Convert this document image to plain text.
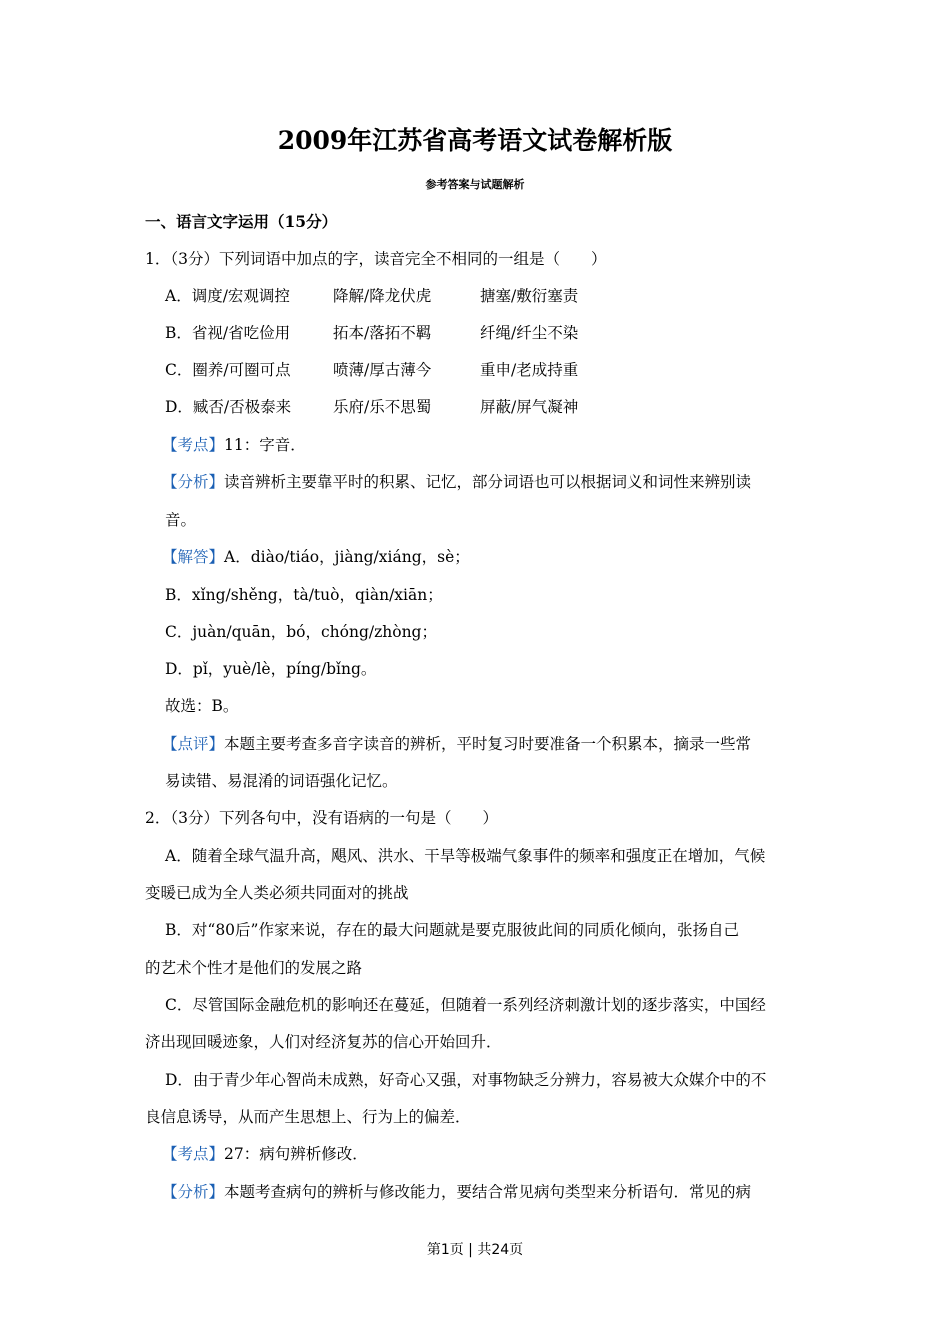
2009年江苏省高考语文试卷解析版
参考答案与试题解析
一、语言文字运用（15分）
1．（3分）下列词语中加点的字，读音完全不相同的一组是（　　）
A．调度/宏观调控	降解/降龙伏虎	搪塞/敷衍塞责
B．省视/省吃俭用	拓本/落拓不羁	纤绳/纤尘不染
C．圈养/可圈可点	喷薄/厚古薄今	重申/老成持重
D．臧否/否极泰来	乐府/乐不思蜀	屏蔽/屏气凝神
【考点】11：字音．
【分析】读音辨析主要靠平时的积累、记忆，部分词语也可以根据词义和词性来辨别读
音。
【解答】A．diào/tiáo，jiàng/xiáng，sè；
B．xǐng/shěng，tà/tuò，qiàn/xiān；
C．juàn/quān，bó，chóng/zhòng；
D．pǐ，yuè/lè，píng/bǐng。
故选：B。
【点评】本题主要考查多音字读音的辨析，平时复习时要准备一个积累本，摘录一些常
易读错、易混淆的词语强化记忆。
2．（3分）下列各句中，没有语病的一句是（　　）
A．随着全球气温升高，飓风、洪水、干旱等极端气象事件的频率和强度正在增加，气候
变暖已成为全人类必须共同面对的挑战
B．对“80后”作家来说，存在的最大问题就是要克服彼此间的同质化倾向，张扬自己
的艺术个性才是他们的发展之路
C．尽管国际金融危机的影响还在蔓延，但随着一系列经济刺激计划的逐步落实，中国经
济出现回暖迹象，人们对经济复苏的信心开始回升．
D．由于青少年心智尚未成熟，好奇心又强，对事物缺乏分辨力，容易被大众媒介中的不
良信息诱导，从而产生思想上、行为上的偏差．
【考点】27：病句辨析修改．
【分析】本题考查病句的辨析与修改能力，要结合常见病句类型来分析语句．常见的病
第1页 | 共24页
